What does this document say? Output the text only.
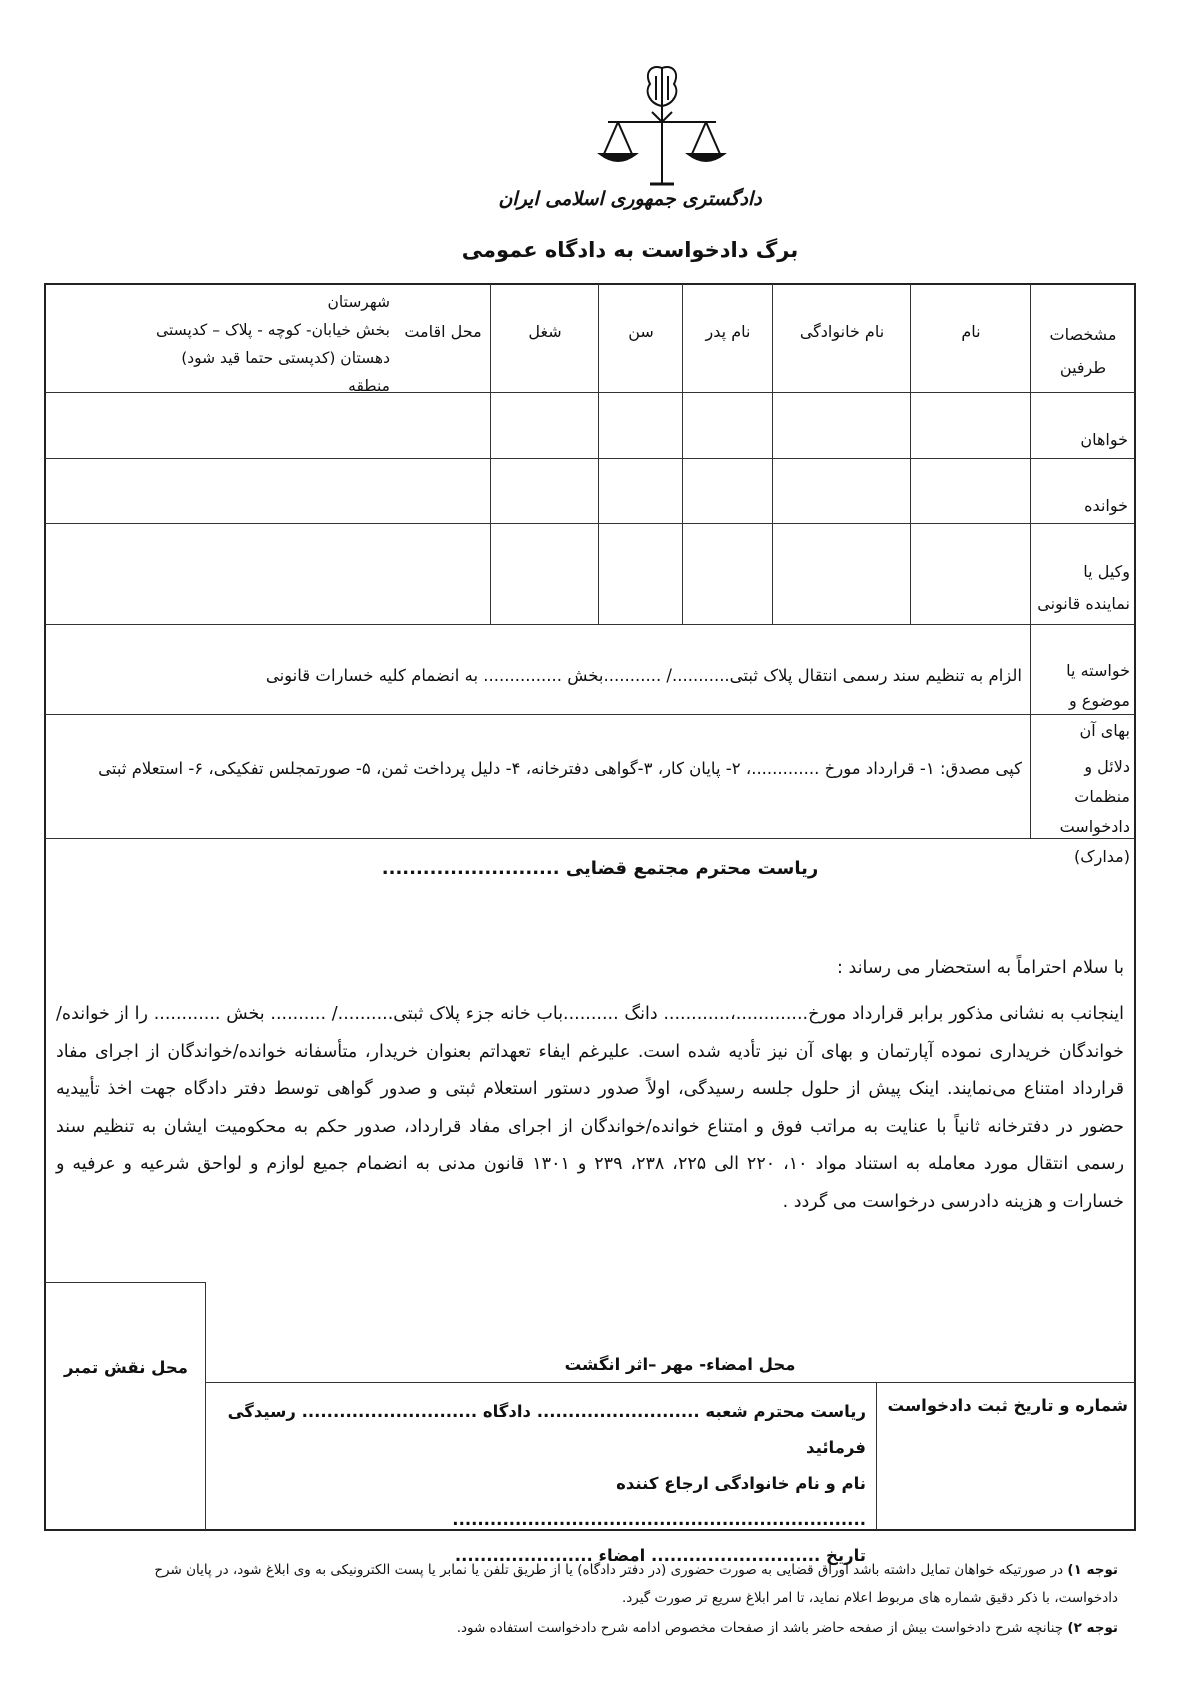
دادگستری جمهوری اسلامی ایران
برگ دادخواست به دادگاه عمومی
مشخصات طرفین
نام
نام خانوادگی
نام پدر
سن
شغل
محل اقامت
شهرستان
بخش خیابان- کوچه - پلاک – کدپستی
دهستان (کدپستی حتما قید شود)
منطقه
خواهان
خوانده
وکیل یا نماینده قانونی
خواسته یا موضوع و بهای آن
دلائل و منظمات دادخواست (مدارک)
الزام به تنظیم سند رسمی انتقال پلاک ثبتی.........../ ...........بخش ............... به انضمام کلیه خسارات قانونی
کپی مصدق: ۱- قرارداد مورخ .............، ۲- پایان کار، ۳-گواهی دفترخانه، ۴- دلیل پرداخت ثمن، ۵- صورتمجلس تفکیکی، ۶- استعلام ثبتی
ریاست محترم مجتمع قضایی ..........................
با سلام احتراماً به استحضار می رساند :
اینجانب به نشانی مذکور برابر قرارداد مورخ.............،............ دانگ ..........باب خانه جزء پلاک ثبتی........../ .......... بخش ............ را از خوانده/خواندگان خریداری نموده آپارتمان و بهای آن نیز تأدیه شده است. علیرغم ایفاء تعهداتم بعنوان خریدار، متأسفانه خوانده/خواندگان از اجرای مفاد قرارداد امتناع می‌نمایند. اینک پیش از حلول جلسه رسیدگی، اولاً صدور دستور استعلام ثبتی و صدور گواهی توسط دفتر دادگاه جهت اخذ تأییدیه حضور در دفترخانه ثانیاً با عنایت به مراتب فوق و امتناع خوانده/خواندگان از اجرای مفاد قرارداد، صدور حکم به محکومیت ایشان به تنظیم سند رسمی انتقال مورد معامله به استناد مواد ۱۰، ۲۲۰ الی ۲۲۵، ۲۳۸، ۲۳۹ و ۱۳۰۱ قانون مدنی به انضمام جمیع لوازم و لواحق شرعیه و عرفیه و خسارات و هزینه دادرسی درخواست می گردد .
محل نقش تمبر	محل امضاء- مهر –اثر انگشت
شماره و تاریخ ثبت دادخواست
ریاست محترم شعبه .......................... دادگاه ............................ رسیدگی فرمائید
نام و نام خانوادگی ارجاع کننده ..................................................................
تاریخ ........................... امضاء ......................
توجه ۱) در صورتیکه خواهان تمایل داشته باشد اوراق قضایی به صورت حضوری (در دفتر دادگاه) یا از طریق تلفن یا نمابر یا پست الکترونیکی به وی ابلاغ شود، در پایان شرح دادخواست، با ذکر دقیق شماره های مربوط اعلام نماید، تا امر ابلاغ سریع تر صورت گیرد.
توجه ۲) چنانچه شرح دادخواست بیش از صفحه حاضر باشد از صفحات مخصوص ادامه شرح دادخواست استفاده شود.
